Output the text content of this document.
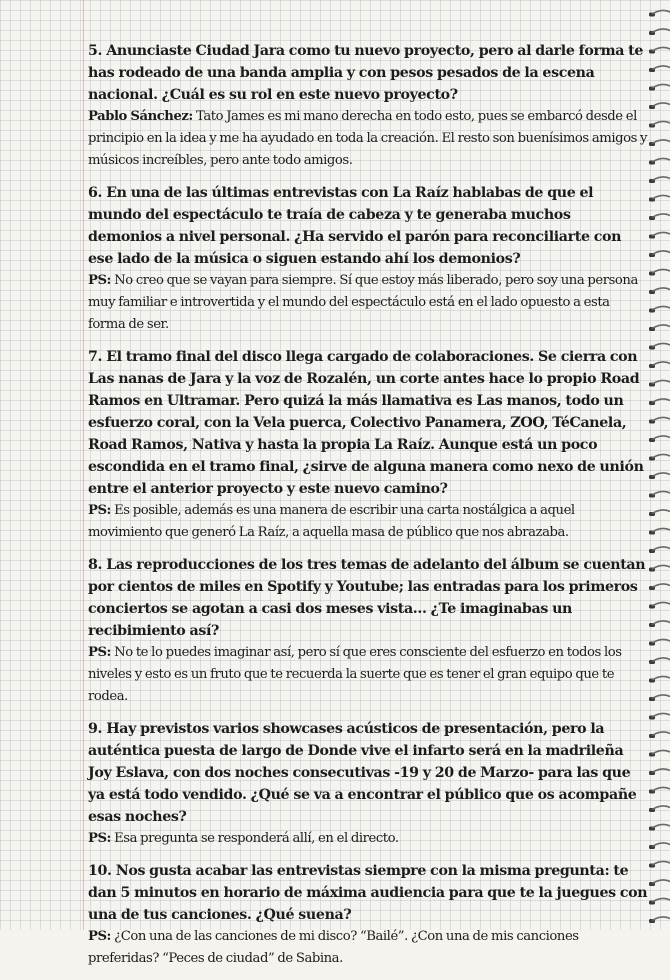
5. Anunciaste Ciudad Jara como tu nuevo proyecto, pero al darle forma te has rodeado de una banda amplia y con pesos pesados de la escena nacional. ¿Cuál es su rol en este nuevo proyecto?

Pablo Sánchez: Tato James es mi mano derecha en todo esto, pues se embarcó desde el principio en la idea y me ha ayudado en toda la creación. El resto son buenísimos amigos y músicos increíbles, pero ante todo amigos.

6. En una de las últimas entrevistas con La Raíz hablabas de que el mundo del espectáculo te traía de cabeza y te generaba muchos demonios a nivel personal. ¿Ha servido el parón para reconciliarte con ese lado de la música o siguen estando ahí los demonios?

PS: No creo que se vayan para siempre. Sí que estoy más liberado, pero soy una persona muy familiar e introvertida y el mundo del espectáculo está en el lado opuesto a esta forma de ser.

7. El tramo final del disco llega cargado de colaboraciones. Se cierra con Las nanas de Jara y la voz de Rozalén, un corte antes hace lo propio Road Ramos en Ultramar. Pero quizá la más llamativa es Las manos, todo un esfuerzo coral, con la Vela puerca, Colectivo Panamera, ZOO, TéCanela, Road Ramos, Nativa y hasta la propia La Raíz. Aunque está un poco escondida en el tramo final, ¿sirve de alguna manera como nexo de unión entre el anterior proyecto y este nuevo camino?

PS: Es posible, además es una manera de escribir una carta nostálgica a aquel movimiento que generó La Raíz, a aquella masa de público que nos abrazaba.

8. Las reproducciones de los tres temas de adelanto del álbum se cuentan por cientos de miles en Spotify y Youtube; las entradas para los primeros conciertos se agotan a casi dos meses vista... ¿Te imaginabas un recibimiento así?

PS: No te lo puedes imaginar así, pero sí que eres consciente del esfuerzo en todos los niveles y esto es un fruto que te recuerda la suerte que es tener el gran equipo que te rodea.

9. Hay previstos varios showcases acústicos de presentación, pero la auténtica puesta de largo de Donde vive el infarto será en la madrileña Joy Eslava, con dos noches consecutivas -19 y 20 de Marzo- para las que ya está todo vendido. ¿Qué se va a encontrar el público que os acompañe esas noches?

PS: Esa pregunta se responderá allí, en el directo.

10. Nos gusta acabar las entrevistas siempre con la misma pregunta: te dan 5 minutos en horario de máxima audiencia para que te la juegues con una de tus canciones. ¿Qué suena?

PS: ¿Con una de las canciones de mi disco? “Bailé”. ¿Con una de mis canciones preferidas? “Peces de ciudad” de Sabina.
